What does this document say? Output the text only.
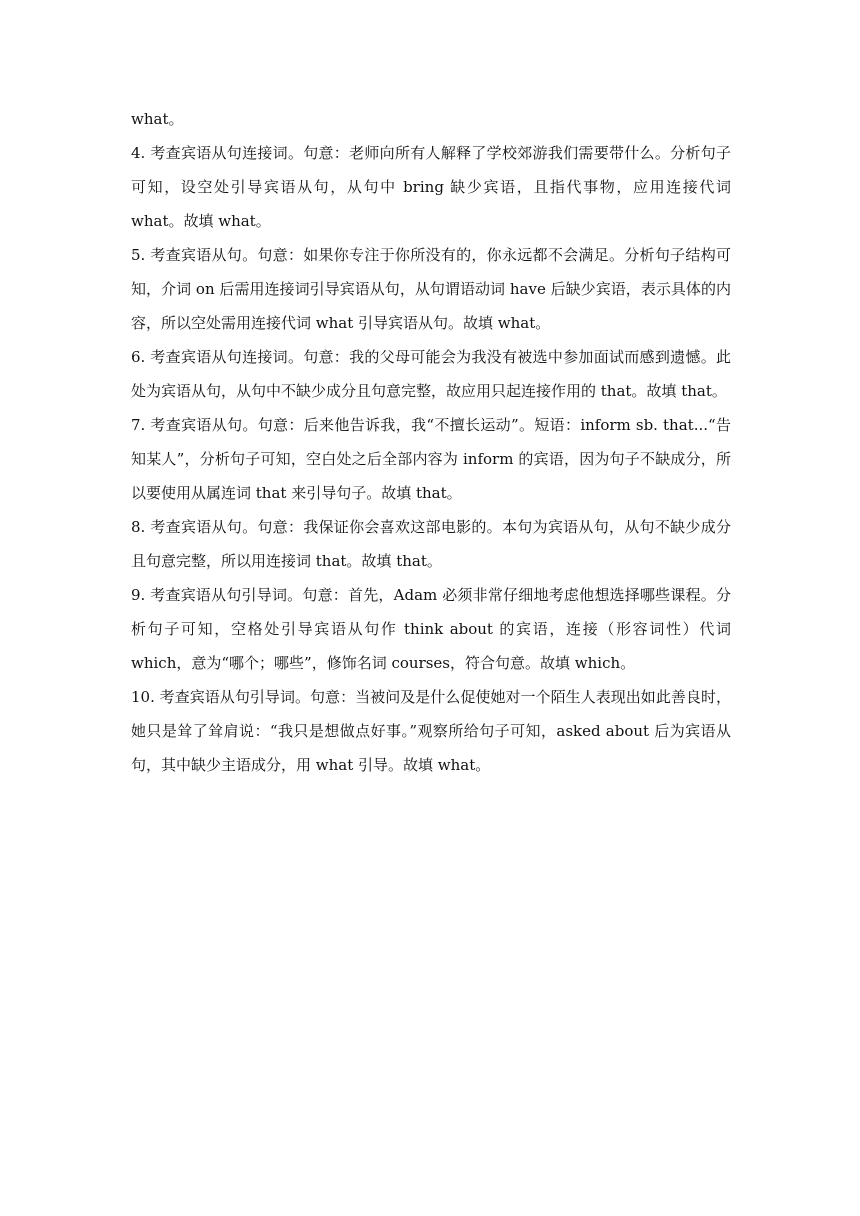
what。

4. 考查宾语从句连接词。句意：老师向所有人解释了学校郊游我们需要带什么。分析句子可知，设空处引导宾语从句，从句中 bring 缺少宾语，且指代事物，应用连接代词 what。故填 what。

5. 考查宾语从句。句意：如果你专注于你所没有的，你永远都不会满足。分析句子结构可知，介词 on 后需用连接词引导宾语从句，从句谓语动词 have 后缺少宾语，表示具体的内容，所以空处需用连接代词 what 引导宾语从句。故填 what。

6. 考查宾语从句连接词。句意：我的父母可能会为我没有被选中参加面试而感到遗憾。此处为宾语从句，从句中不缺少成分且句意完整，故应用只起连接作用的 that。故填 that。

7. 考查宾语从句。句意：后来他告诉我，我“不擅长运动”。短语：inform sb. that...“告知某人”，分析句子可知，空白处之后全部内容为 inform 的宾语，因为句子不缺成分，所以要使用从属连词 that 来引导句子。故填 that。

8. 考查宾语从句。句意：我保证你会喜欢这部电影的。本句为宾语从句，从句不缺少成分且句意完整，所以用连接词 that。故填 that。

9. 考查宾语从句引导词。句意：首先，Adam 必须非常仔细地考虑他想选择哪些课程。分析句子可知，空格处引导宾语从句作 think about 的宾语，连接（形容词性）代词 which，意为“哪个；哪些”，修饰名词 courses，符合句意。故填 which。

10. 考查宾语从句引导词。句意：当被问及是什么促使她对一个陌生人表现出如此善良时，她只是耸了耸肩说：“我只是想做点好事。”观察所给句子可知，asked about 后为宾语从句，其中缺少主语成分，用 what 引导。故填 what。
